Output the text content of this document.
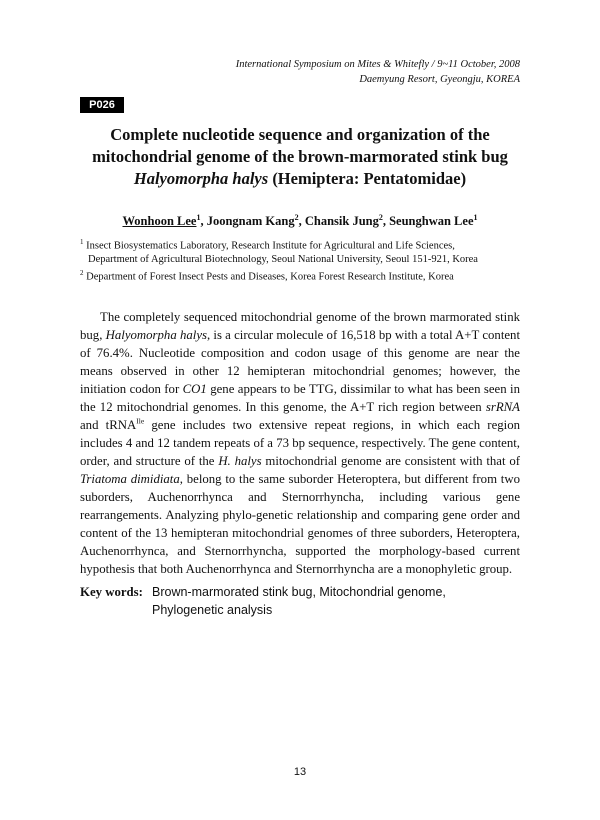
International Symposium on Mites & Whitefly / 9~11 October, 2008
Daemyung Resort, Gyeongju, KOREA
P026
Complete nucleotide sequence and organization of the
mitochondrial genome of the brown-marmorated stink bug
Halyomorpha halys (Hemiptera: Pentatomidae)
Wonhoon Lee$^1$, Joongnam Kang$^2$, Chansik Jung$^2$, Seunghwan Lee$^1$
$^1$ Insect Biosystematics Laboratory, Research Institute for Agricultural and Life Sciences,
Department of Agricultural Biotechnology, Seoul National University, Seoul 151-921, Korea
$^2$ Department of Forest Insect Pests and Diseases, Korea Forest Research Institute, Korea

The completely sequenced mitochondrial genome of the brown marmorated stink bug, Halyomorpha halys, is a circular molecule of 16,518 bp with a total A+T content of 76.4%. Nucleotide composition and codon usage of this genome are near the means observed in other 12 hemipteran mitochondrial genomes; however, the initiation codon for CO1 gene appears to be TTG, dissimilar to what has been seen in the 12 mitochondrial genomes. In this genome, the A+T rich region between srRNA and tRNA$^{Ile}$ gene includes two extensive repeat regions, in which each region includes 4 and 12 tandem repeats of a 73 bp sequence, respectively. The gene content, order, and structure of the H. halys mitochondrial genome are consistent with that of Triatoma dimidiata, belong to the same suborder Heteroptera, but different from two suborders, Auchenorrhynca and Sternorrhyncha, including various gene rearrangements. Analyzing phylo-genetic relationship and comparing gene order and content of the 13 hemipteran mitochondrial genomes of three suborders, Heteroptera, Auchenorrhynca, and Sternorrhyncha, supported the morphology-based current hypothesis that both Auchenorrhynca and Sternorrhyncha are a monophyletic group.

Key words: Brown-marmorated stink bug, Mitochondrial genome, Phylogenetic analysis
13
